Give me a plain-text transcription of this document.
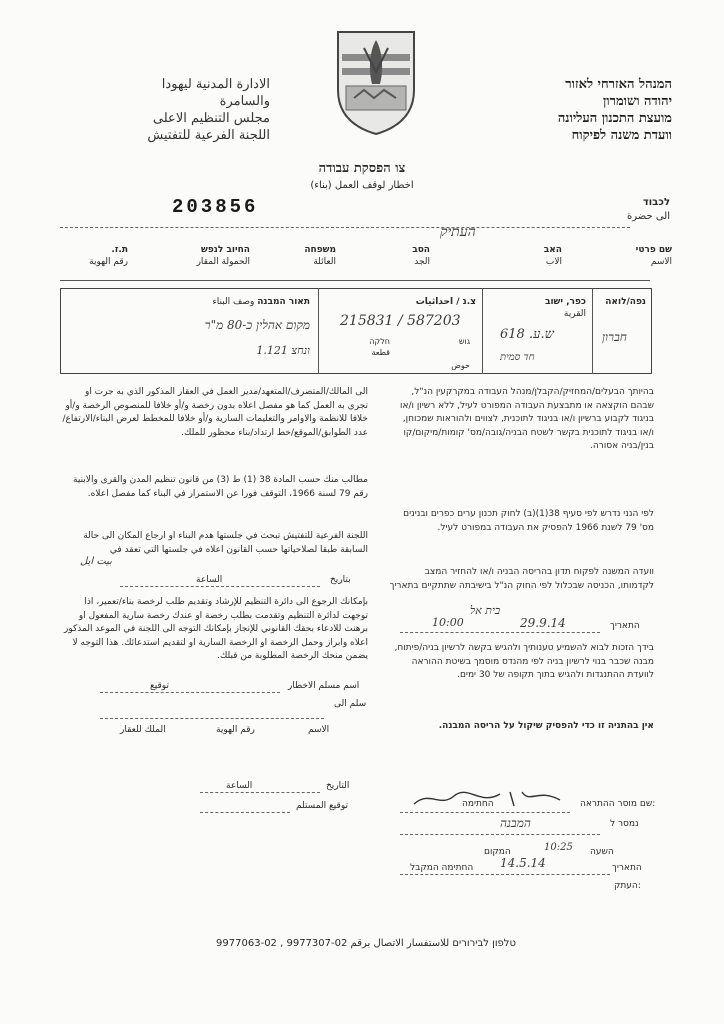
המנהל האזרחי לאזור
יהודה ושומרון
מועצת התכנון העליונה
וועדת משנה לפיקוח
الادارة المدنية ليهودا
والسامرة
مجلس التنظيم الاعلى
اللجنة الفرعية للتفتيش
צו הפסקת עבודה
اخطار لوقف العمل (بناء)
203856	לכבוד
الى حضرة
העתיק
שם פרטי
الاسم
האב
الاب
הסב
الجد
משפחה
العائلة
החיוב לנפש
الحمولة المقار
ת.ז.
رقم الهوية
נפה/לואה
חברון
כפר, ישוב
القرية
ש.ע. 618
חד סמית
צ.נ / احداثيات
215831 / 587203
גוש
חלקה
قطعة
حوض
תאור המבנה وصف البناء
מקום אהלין כ-80 מ"ר
ונחצ 1.121
בהיותך הבעלים/המחזיק/הקבלן/מנהל העבודה במקרקעין הנ"ל, שבהם הוקצאה או מתבצעת העבודה המפורט לעיל, ללא רשיון ו/או בניגוד לקבוע ברשיון ו/או בניגוד לתוכנית, לצווים ולהוראות שמכוחן, ו/או בניגוד לתוכנית בקשר לשטח הבניה/גובה/מס' קומות/מיקום/קו בנין/בניה אסורה.
לפי הנני נדרש לפי סעיף 38(1)(ב) לחוק תכנון ערים כפרים ובנינים מס' 79 לשנת 1966 להפסיק את העבודה במפורט לעיל.
וועדה המשנה לפקוח תדון בהריסה הבניה ו/או להחזיר המצב לקדמותו, הכניסה שבכלול לפי החוק הנ"ל בישיבתה שתתקיים בתאריך
בית אל
התאריך
29.9.14
10:00
בידך הזכות לבוא להשמיע טענותיך ולהגיש בקשה לרשיון בניה/פיתוח, מבנה שכבר בנוי לרשיון בניה לפי מהנדס מוסמך בשיטת ההוראה לוועדת ההתנגדות ולהגיש בתוך תקופה של 30 ימים.
אין בהתניה זו כדי להפסיק שיקול על הריסה המבנה.
שם מוסר ההתראה:
החתימה
נמסר ל
המבנה
המקום
התאריך
14.5.14
השעה
10:25
החתימה המקבל
העתק:
الى المالك/المتصرف/المتعهد/مدير العمل في العقار المذكور الذي به جرت او تجري به العمل كما هو مفصل اعلاه بدون رخصة و/أو خلافا للمنصوص الرخصة و/أو خلافا للانظمة والاوامر والتعليمات السارية و/أو خلافا للمخطط لعرض البناء/الارتفاع/عدد الطوابق/الموقع/خط ارتداد/بناء محظور للملك.
مطالب منك حسب المادة 38 (1) ط (3) من قانون تنظيم المدن والقرى والابنية رقم 79 لسنة 1966، التوقف فورا عن الاستمرار في البناء كما مفصل اعلاه.
اللجنة الفرعية للتفتيش تبحث في جلستها هدم البناء او ارجاع المكان الى حالة السابقة طبقا لصلاحياتها حسب القانون اعلاه في جلستها التي تعقد في
بيت ايل
بتاريخ
الساعة
بإمكانك الرجوع الى دائرة التنظيم للإرشاد وتقديم طلب لرخصة بناء/تعمير، اذا توجهت لدائرة التنظيم وتقدمت بطلب رخصة او عندك رخصة سارية المفعول او برهنت للادعاء بحقك القانوني للإنجاز بإمكانك التوجه الى اللجنة في الموعد المذكور اعلاه وابراز وحمل الرخصة او الرخصة السارية او لتقديم استدعائك. هذا التوجه لا يضمن منحك الرخصة المطلوبة من قبلك.
اسم مسلم الاخطار
توقيع
سلم الى
الاسم
رقم الهوية
الملك للعقار
التاريخ
الساعة
توقيع المستلم
טלפון לבירורים للاستفسار الاتصال برقم 02-9977307 , 02-9977063
